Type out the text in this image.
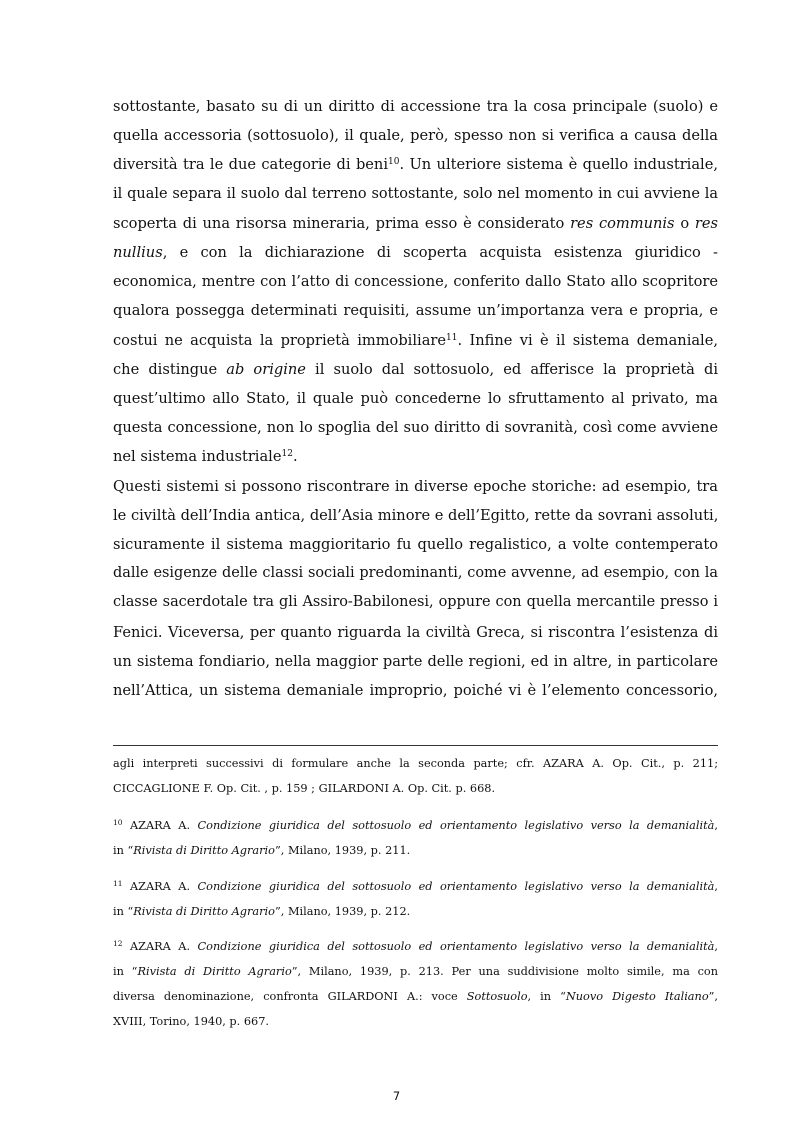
sottostante, basato su di un diritto di accessione tra la cosa principale (suolo) e
quella accessoria (sottosuolo), il quale, però, spesso non si verifica a causa della
diversità tra le due categorie di beni$^{10}$. Un ulteriore sistema è quello industriale,
il quale separa il suolo dal terreno sottostante, solo nel momento in cui avviene la
scoperta di una risorsa mineraria, prima esso è considerato res communis o res
nullius, e con la dichiarazione di scoperta acquista esistenza giuridico -
economica, mentre con l’atto di concessione, conferito dallo Stato allo scopritore
qualora possegga determinati requisiti, assume un’importanza vera e propria, e
costui ne acquista la proprietà immobiliare$^{11}$. Infine vi è il sistema demaniale,
che distingue ab origine il suolo dal sottosuolo, ed afferisce la proprietà di
quest’ultimo allo Stato, il quale può concederne lo sfruttamento al privato, ma
questa concessione, non lo spoglia del suo diritto di sovranità, così come avviene
nel sistema industriale$^{12}$.
Questi sistemi si possono riscontrare in diverse epoche storiche: ad esempio, tra
le civiltà dell’India antica, dell’Asia minore e dell’Egitto, rette da sovrani assoluti,
sicuramente il sistema maggioritario fu quello regalistico, a volte contemperato
dalle esigenze delle classi sociali predominanti, come avvenne, ad esempio, con la
classe sacerdotale tra gli Assiro-Babilonesi, oppure con quella mercantile presso i
Fenici. Viceversa, per quanto riguarda la civiltà Greca, si riscontra l’esistenza di
un sistema fondiario, nella maggior parte delle regioni, ed in altre, in particolare
nell’Attica, un sistema demaniale improprio, poiché vi è l’elemento concessorio,
agli interpreti successivi di formulare anche la seconda parte; cfr. AZARA A. Op. Cit., p. 211;
CICCAGLIONE F. Op. Cit. , p. 159 ; GILARDONI A. Op. Cit. p. 668.
$^{10}$ AZARA A. Condizione giuridica del sottosuolo ed orientamento legislativo verso la demanialità,
in “Rivista di Diritto Agrario”, Milano, 1939, p. 211.
$^{11}$ AZARA A. Condizione giuridica del sottosuolo ed orientamento legislativo verso la demanialità,
in “Rivista di Diritto Agrario”, Milano, 1939, p. 212.
$^{12}$ AZARA A. Condizione giuridica del sottosuolo ed orientamento legislativo verso la demanialità,
in “Rivista di Diritto Agrario”, Milano, 1939, p. 213. Per una suddivisione molto simile, ma con
diversa denominazione, confronta GILARDONI A.: voce Sottosuolo, in “Nuovo Digesto Italiano”,
XVIII, Torino, 1940, p. 667.
7
